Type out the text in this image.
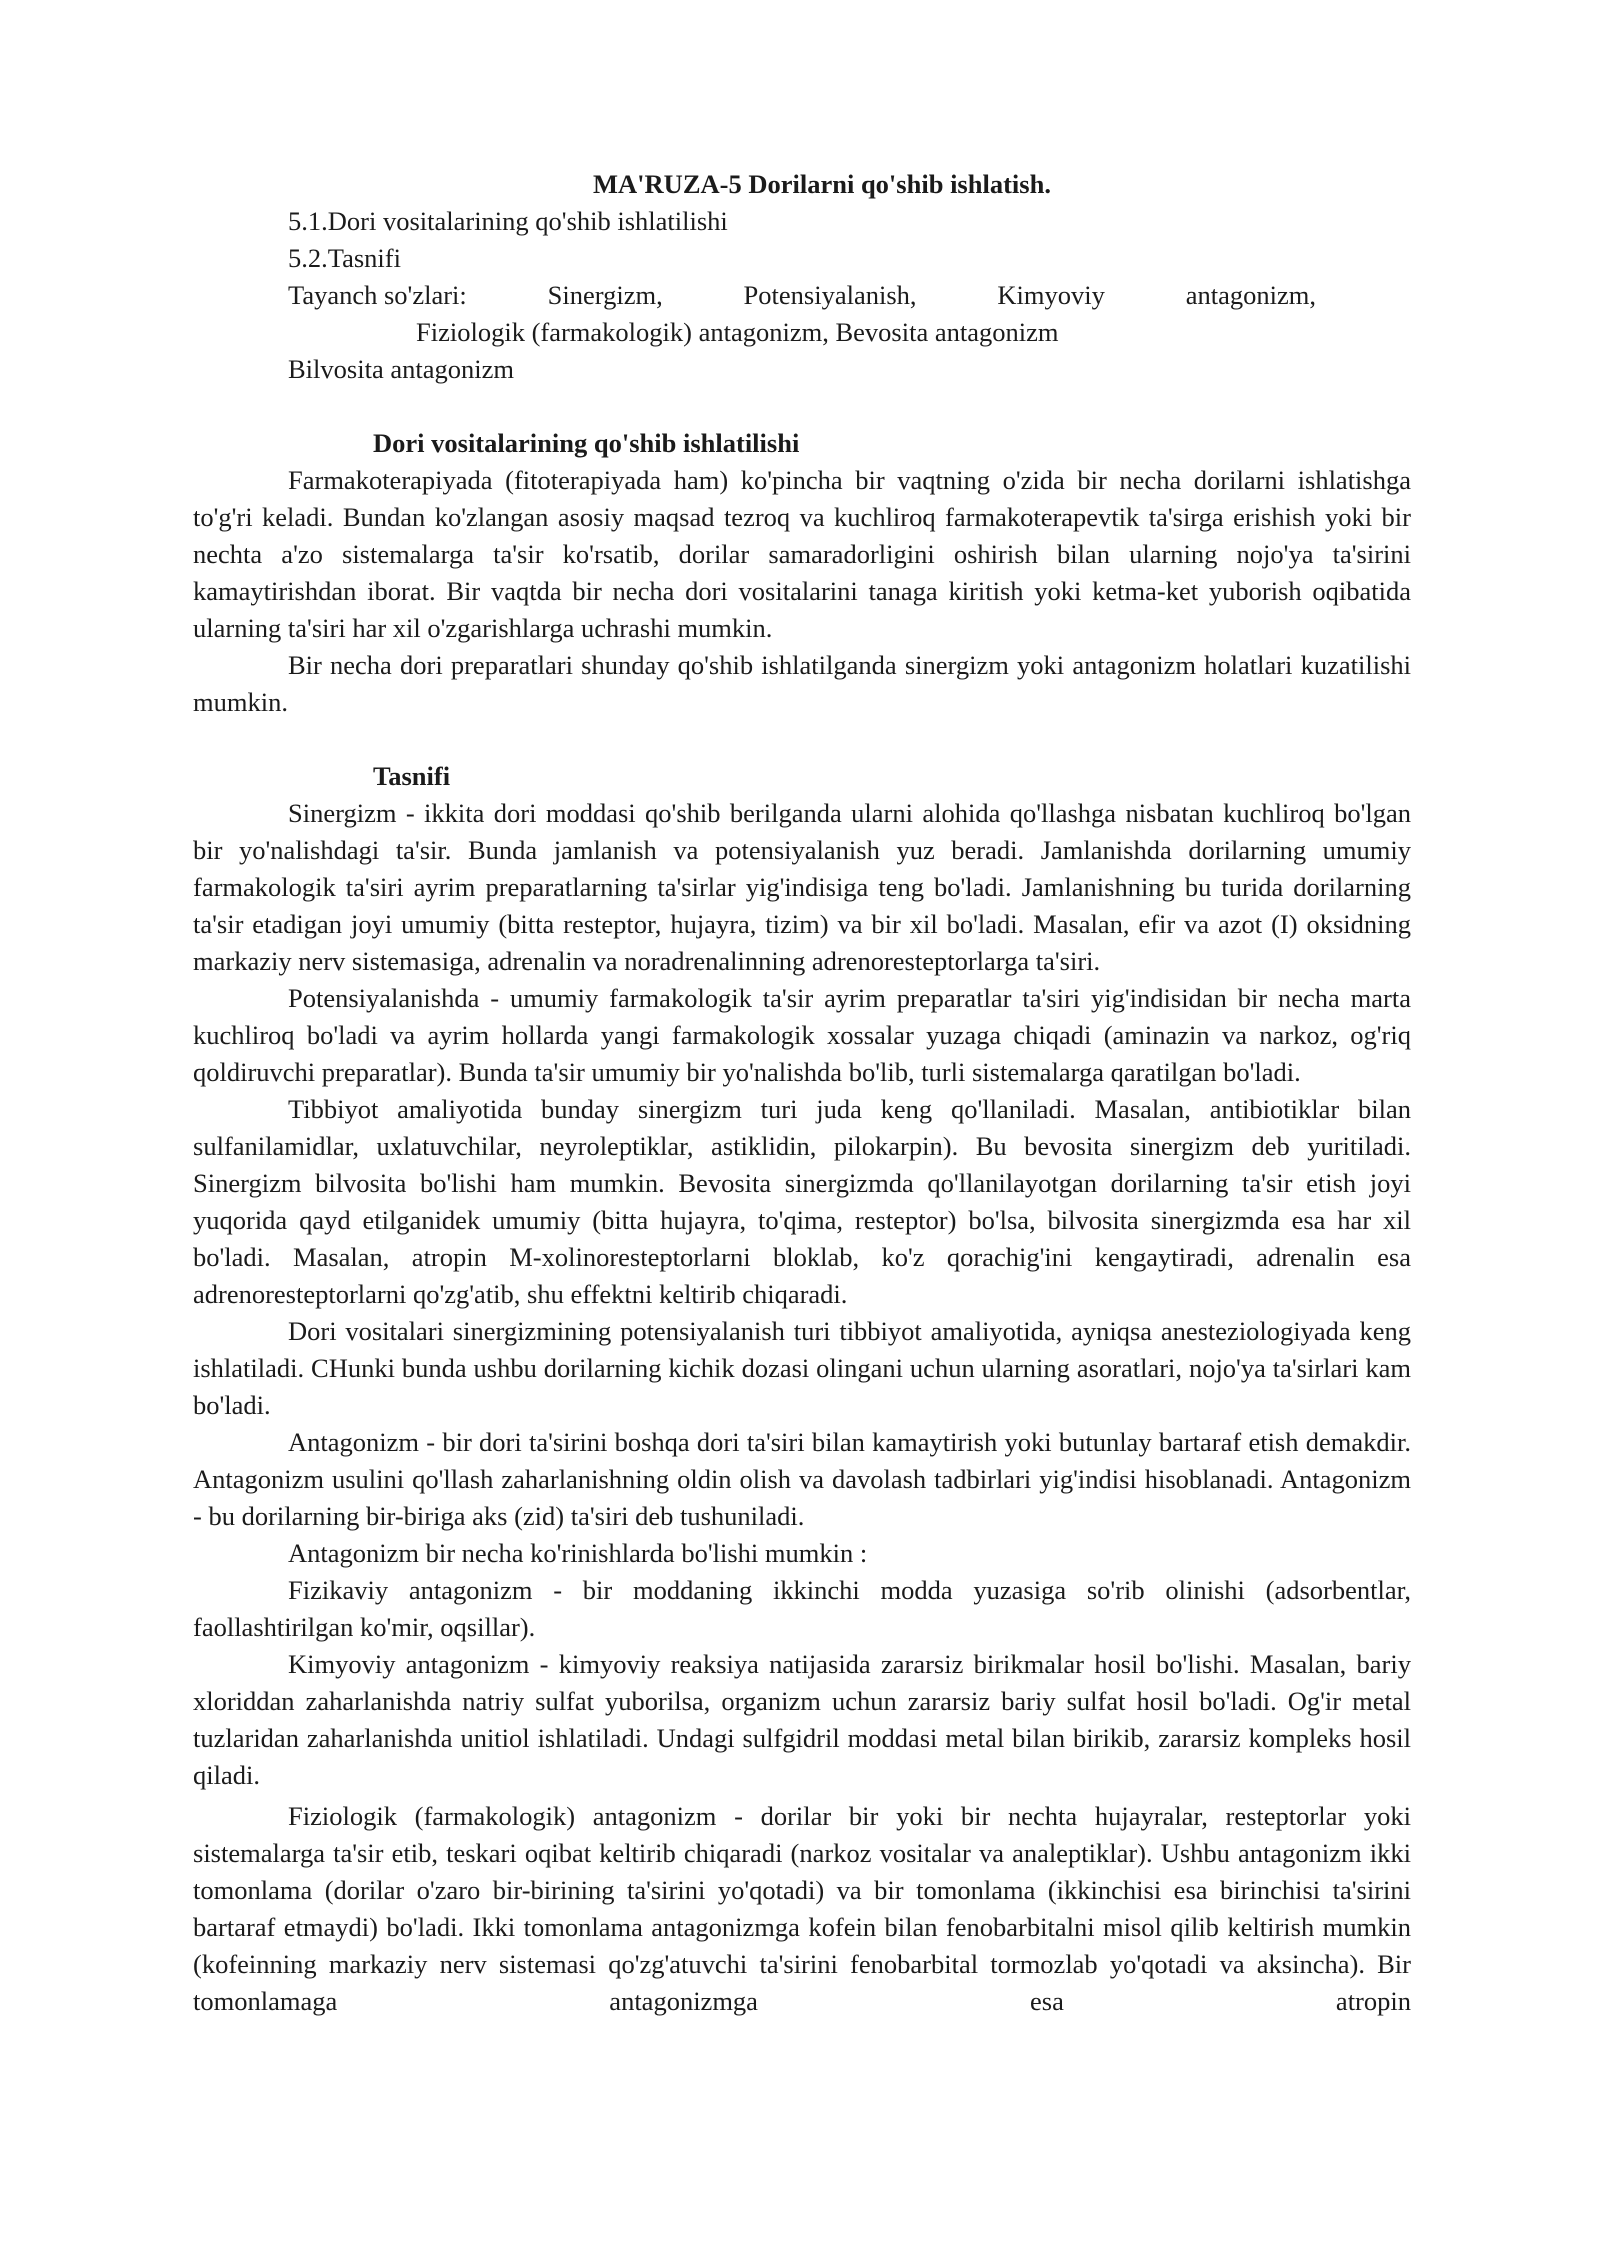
MA'RUZA-5 Dorilarni qo'shib ishlatish.
5.1.Dori vositalarining qo'shib ishlatilishi
5.2.Tasnifi
Tayanch so'zlari:	Sinergizm,	Potensiyalanish,	Kimyoviy	antagonizm,
Fiziologik (farmakologik) antagonizm, Bevosita antagonizm
Bilvosita antagonizm
Dori vositalarining qo'shib ishlatilishi

Farmakoterapiyada (fitoterapiyada ham) ko'pincha bir vaqtning o'zida bir necha dorilarni ishlatishga to'g'ri keladi. Bundan ko'zlangan asosiy maqsad tezroq va kuchliroq farmakoterapevtik ta'sirga erishish yoki bir nechta a'zo sistemalarga ta'sir ko'rsatib, dorilar samaradorligini oshirish bilan ularning nojo'ya ta'sirini kamaytirishdan iborat. Bir vaqtda bir necha dori vositalarini tanaga kiritish yoki ketma-ket yuborish oqibatida ularning ta'siri har xil o'zgarishlarga uchrashi mumkin.

Bir necha dori preparatlari shunday qo'shib ishlatilganda sinergizm yoki antagonizm holatlari kuzatilishi mumkin.

Tasnifi

Sinergizm - ikkita dori moddasi qo'shib berilganda ularni alohida qo'llashga nisbatan kuchliroq bo'lgan bir yo'nalishdagi ta'sir. Bunda jamlanish va potensiyalanish yuz beradi. Jamlanishda dorilarning umumiy farmakologik ta'siri ayrim preparatlarning ta'sirlar yig'indisiga teng bo'ladi. Jamlanishning bu turida dorilarning ta'sir etadigan joyi umumiy (bitta resteptor, hujayra, tizim) va bir xil bo'ladi. Masalan, efir va azot (I) oksidning markaziy nerv sistemasiga, adrenalin va noradrenalinning adrenoresteptorlarga ta'siri.

Potensiyalanishda - umumiy farmakologik ta'sir ayrim preparatlar ta'siri yig'indisidan bir necha marta kuchliroq bo'ladi va ayrim hollarda yangi farmakologik xossalar yuzaga chiqadi (aminazin va narkoz, og'riq qoldiruvchi preparatlar). Bunda ta'sir umumiy bir yo'nalishda bo'lib, turli sistemalarga qaratilgan bo'ladi.

Tibbiyot amaliyotida bunday sinergizm turi juda keng qo'llaniladi. Masalan, antibiotiklar bilan sulfanilamidlar, uxlatuvchilar, neyroleptiklar, astiklidin, pilokarpin). Bu bevosita sinergizm deb yuritiladi. Sinergizm bilvosita bo'lishi ham mumkin. Bevosita sinergizmda qo'llanilayotgan dorilarning ta'sir etish joyi yuqorida qayd etilganidek umumiy (bitta hujayra, to'qima, resteptor) bo'lsa, bilvosita sinergizmda esa har xil bo'ladi. Masalan, atropin M-xolinoresteptorlarni bloklab, ko'z qorachig'ini kengaytiradi, adrenalin esa adrenoresteptorlarni qo'zg'atib, shu effektni keltirib chiqaradi.

Dori vositalari sinergizmining potensiyalanish turi tibbiyot amaliyotida, ayniqsa anesteziologiyada keng ishlatiladi. CHunki bunda ushbu dorilarning kichik dozasi olingani uchun ularning asoratlari, nojo'ya ta'sirlari kam bo'ladi.

Antagonizm - bir dori ta'sirini boshqa dori ta'siri bilan kamaytirish yoki butunlay bartaraf etish demakdir. Antagonizm usulini qo'llash zaharlanishning oldin olish va davolash tadbirlari yig'indisi hisoblanadi. Antagonizm - bu dorilarning bir-biriga aks (zid) ta'siri deb tushuniladi.

Antagonizm bir necha ko'rinishlarda bo'lishi mumkin :

Fizikaviy antagonizm - bir moddaning ikkinchi modda yuzasiga so'rib olinishi (adsorbentlar, faollashtirilgan ko'mir, oqsillar).

Kimyoviy antagonizm - kimyoviy reaksiya natijasida zararsiz birikmalar hosil bo'lishi. Masalan, bariy xloriddan zaharlanishda natriy sulfat yuborilsa, organizm uchun zararsiz bariy sulfat hosil bo'ladi. Og'ir metal tuzlaridan zaharlanishda unitiol ishlatiladi. Undagi sulfgidril moddasi metal bilan birikib, zararsiz kompleks hosil qiladi.

Fiziologik (farmakologik) antagonizm - dorilar bir yoki bir nechta hujayralar, resteptorlar yoki sistemalarga ta'sir etib, teskari oqibat keltirib chiqaradi (narkoz vositalar va analeptiklar). Ushbu antagonizm ikki tomonlama (dorilar o'zaro bir-birining ta'sirini yo'qotadi) va bir tomonlama (ikkinchisi esa birinchisi ta'sirini bartaraf etmaydi) bo'ladi. Ikki tomonlama antagonizmga kofein bilan fenobarbitalni misol qilib keltirish mumkin (kofeinning markaziy nerv sistemasi qo'zg'atuvchi ta'sirini fenobarbital tormozlab yo'qotadi va aksincha). Bir tomonlamaga antagonizmga esa atropin
